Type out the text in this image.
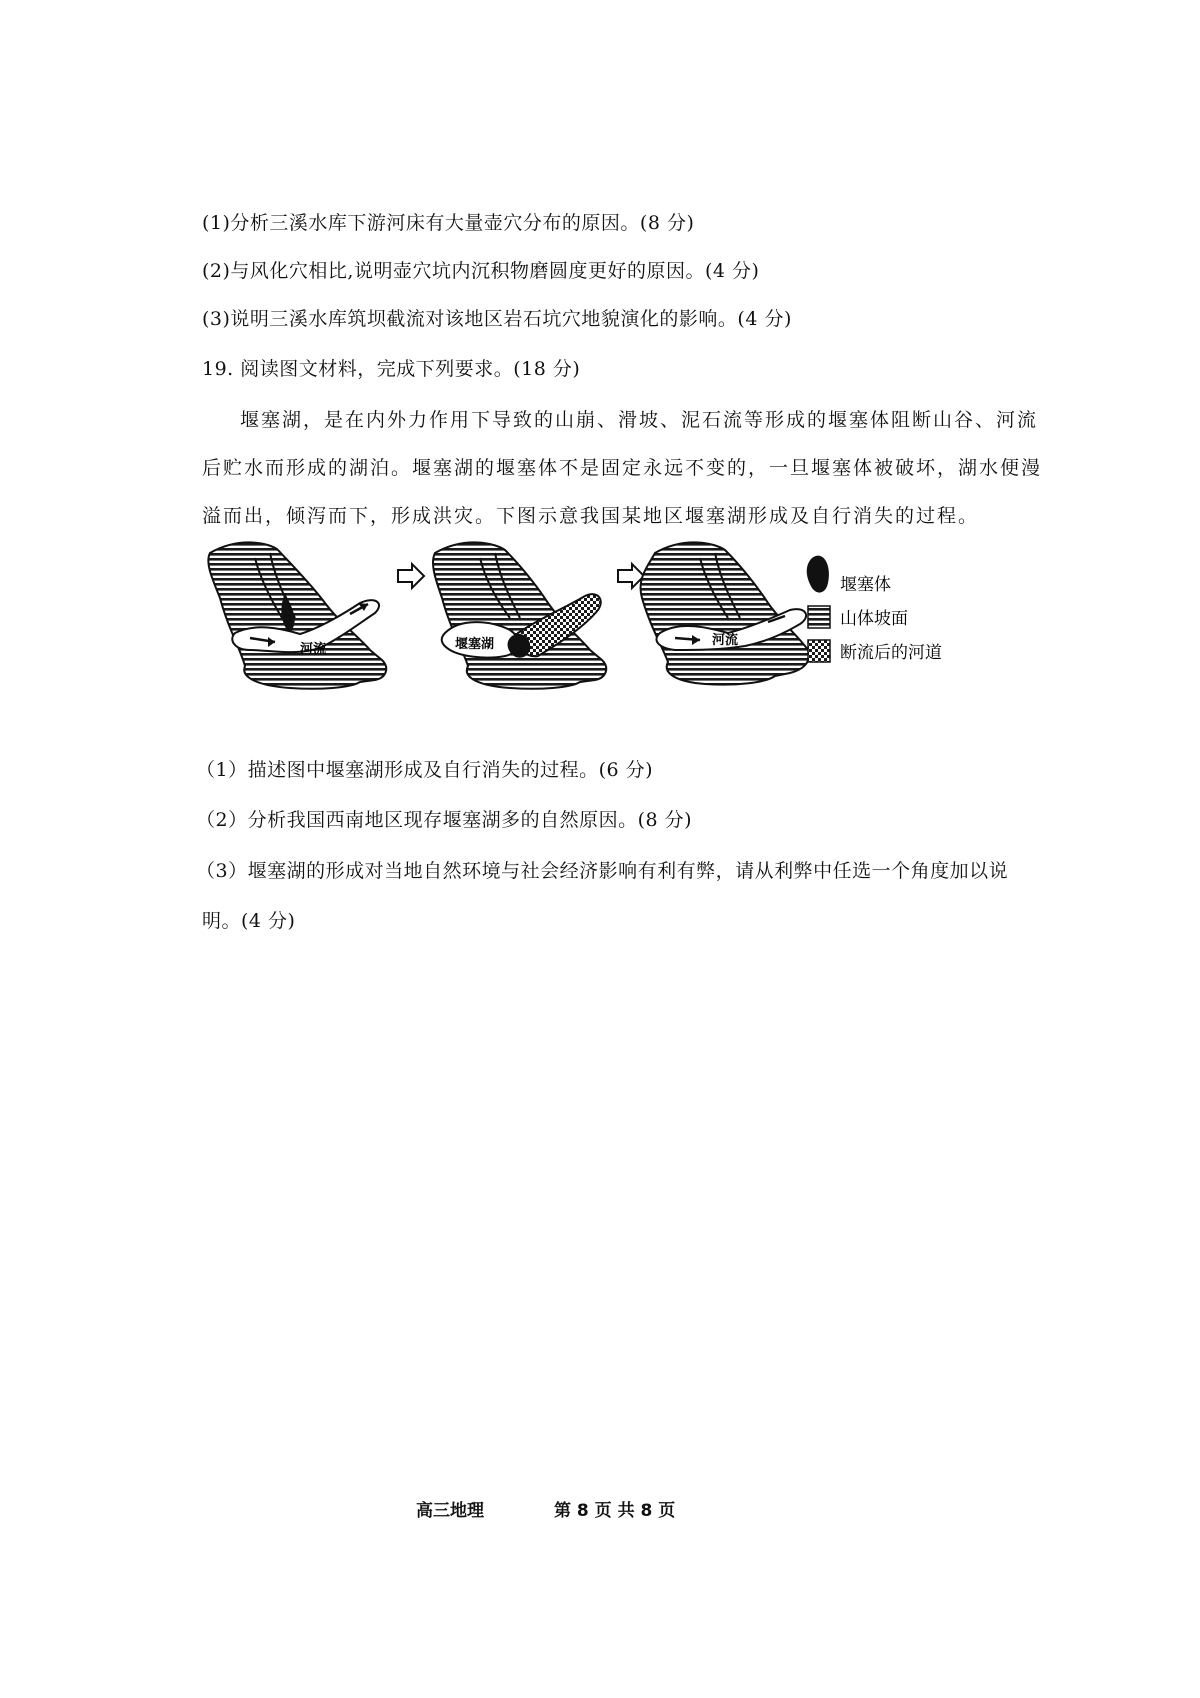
(1)分析三溪水库下游河床有大量壶穴分布的原因。(8 分)
(2)与风化穴相比,说明壶穴坑内沉积物磨圆度更好的原因。(4 分)
(3)说明三溪水库筑坝截流对该地区岩石坑穴地貌演化的影响。(4 分)
19. 阅读图文材料，完成下列要求。(18 分)
堰塞湖，是在内外力作用下导致的山崩、滑坡、泥石流等形成的堰塞体阻断山谷、河流后贮水而形成的湖泊。堰塞湖的堰塞体不是固定永远不变的，一旦堰塞体被破坏，湖水便漫溢而出，倾泻而下，形成洪灾。下图示意我国某地区堰塞湖形成及自行消失的过程。
河流	堰塞湖	河流
堰塞体
山体坡面
断流后的河道
（1）描述图中堰塞湖形成及自行消失的过程。(6 分)
（2）分析我国西南地区现存堰塞湖多的自然原因。(8 分)
（3）堰塞湖的形成对当地自然环境与社会经济影响有利有弊，请从利弊中任选一个角度加以说
明。(4 分)
高三地理	第 8 页 共 8 页
